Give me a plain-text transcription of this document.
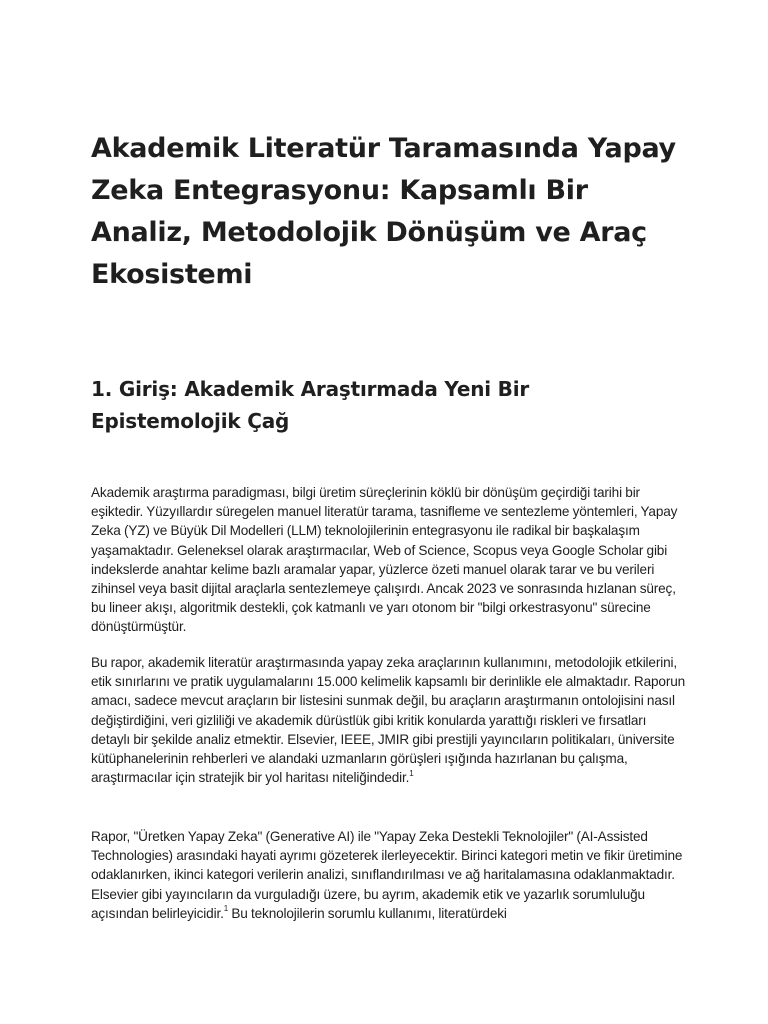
Akademik Literatür Taramasında Yapay Zeka Entegrasyonu: Kapsamlı Bir Analiz, Metodolojik Dönüşüm ve Araç Ekosistemi
1. Giriş: Akademik Araştırmada Yeni Bir Epistemolojik Çağ

Akademik araştırma paradigması, bilgi üretim süreçlerinin köklü bir dönüşüm geçirdiği tarihi bir eşiktedir. Yüzyıllardır süregelen manuel literatür tarama, tasnifleme ve sentezleme yöntemleri, Yapay Zeka (YZ) ve Büyük Dil Modelleri (LLM) teknolojilerinin entegrasyonu ile radikal bir başkalaşım yaşamaktadır. Geleneksel olarak araştırmacılar, Web of Science, Scopus veya Google Scholar gibi indekslerde anahtar kelime bazlı aramalar yapar, yüzlerce özeti manuel olarak tarar ve bu verileri zihinsel veya basit dijital araçlarla sentezlemeye çalışırdı. Ancak 2023 ve sonrasında hızlanan süreç, bu lineer akışı, algoritmik destekli, çok katmanlı ve yarı otonom bir "bilgi orkestrasyonu" sürecine dönüştürmüştür.

Bu rapor, akademik literatür araştırmasında yapay zeka araçlarının kullanımını, metodolojik etkilerini, etik sınırlarını ve pratik uygulamalarını 15.000 kelimelik kapsamlı bir derinlikle ele almaktadır. Raporun amacı, sadece mevcut araçların bir listesini sunmak değil, bu araçların araştırmanın ontolojisini nasıl değiştirdiğini, veri gizliliği ve akademik dürüstlük gibi kritik konularda yarattığı riskleri ve fırsatları detaylı bir şekilde analiz etmektir. Elsevier, IEEE, JMIR gibi prestijli yayıncıların politikaları, üniversite kütüphanelerinin rehberleri ve alandaki uzmanların görüşleri ışığında hazırlanan bu çalışma, araştırmacılar için stratejik bir yol haritası niteliğindedir.$^1$

Rapor, "Üretken Yapay Zeka" (Generative AI) ile "Yapay Zeka Destekli Teknolojiler" (AI-Assisted Technologies) arasındaki hayati ayrımı gözeterek ilerleyecektir. Birinci kategori metin ve fikir üretimine odaklanırken, ikinci kategori verilerin analizi, sınıflandırılması ve ağ haritalamasına odaklanmaktadır. Elsevier gibi yayıncıların da vurguladığı üzere, bu ayrım, akademik etik ve yazarlık sorumluluğu açısından belirleyicidir.$^1$ Bu teknolojilerin sorumlu kullanımı, literatürdeki
